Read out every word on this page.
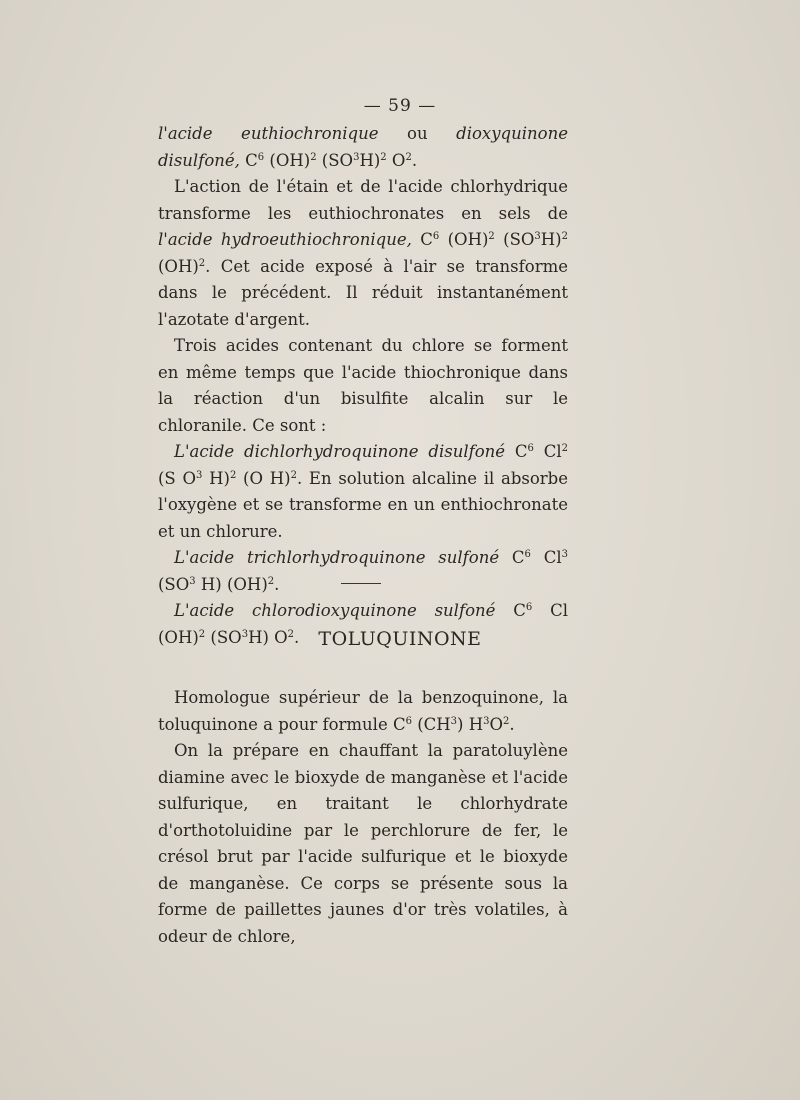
— 59 —

l'acide euthiochronique ou dioxyquinone disulfoné, $C^6$ (OH)$^2$ $(SO^3H)^2$ $O^2$.

L'action de l'étain et de l'acide chlorhydrique transforme les euthiochronates en sels de l'acide hydroeuthiochronique, $C^6$ (OH)$^2$ $(SO^3H)^2$ (OH)$^2$. Cet acide exposé à l'air se transforme dans le précédent. Il réduit instantanément l'azotate d'argent.

Trois acides contenant du chlore se forment en même temps que l'acide thiochronique dans la réaction d'un bisulfite alcalin sur le chloranile. Ce sont :

L'acide dichlorhydroquinone disulfoné $C^6$ Cl$^2$ (S $O^3$ H)$^2$ (O H)$^2$. En solution alcaline il absorbe l'oxygène et se transforme en un enthiochronate et un chlorure.

L'acide trichlorhydroquinone sulfoné $C^6$ Cl$^3$ ($SO^3$ H) (OH)$^2$.

L'acide chlorodioxyquinone sulfoné $C^6$ Cl (OH)$^2$ $(SO^3H)$ $O^2$.	TOLUQUINONE

Homologue supérieur de la benzoquinone, la toluquinone a pour formule $C^6$ $(CH^3)$ $H^3O^2$.

On la prépare en chauffant la paratoluylène diamine avec le bioxyde de manganèse et l'acide sulfurique, en traitant le chlorhydrate d'orthotoluidine par le perchlorure de fer, le crésol brut par l'acide sulfurique et le bioxyde de manganèse. Ce corps se présente sous la forme de paillettes jaunes d'or très volatiles, à odeur de chlore,
